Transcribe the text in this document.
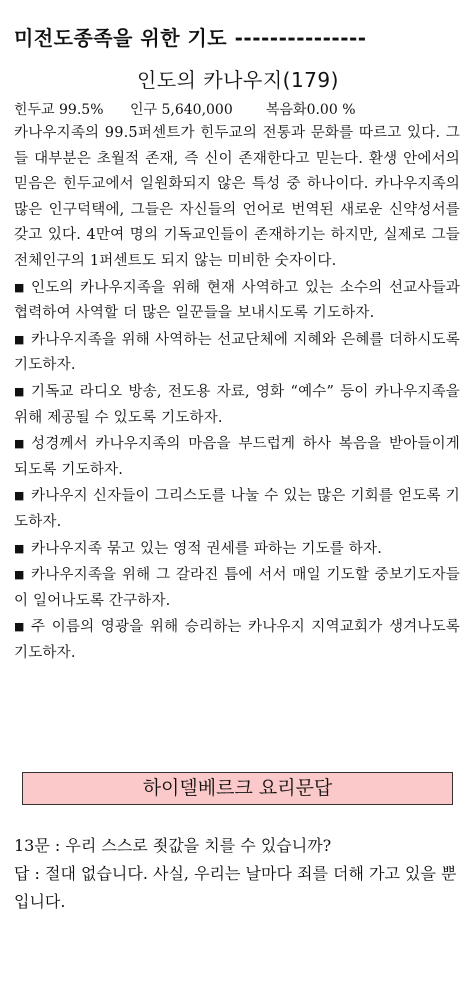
미전도종족을 위한 기도 ---------------
인도의 카나우지(179)
힌두교 99.5% 인구 5,640,000 복음화0.00 %

카나우지족의 99.5퍼센트가 힌두교의 전통과 문화를 따르고 있다. 그들 대부분은 초월적 존재, 즉 신이 존재한다고 믿는다. 환생 안에서의 믿음은 힌두교에서 일원화되지 않은 특성 중 하나이다. 카나우지족의 많은 인구덕택에, 그들은 자신들의 언어로 번역된 새로운 신약성서를 갖고 있다. 4만여 명의 기독교인들이 존재하기는 하지만, 실제로 그들 전체인구의 1퍼센트도 되지 않는 미비한 숫자이다.

■ 인도의 카나우지족을 위해 현재 사역하고 있는 소수의 선교사들과 협력하여 사역할 더 많은 일꾼들을 보내시도록 기도하자.

■ 카나우지족을 위해 사역하는 선교단체에 지혜와 은혜를 더하시도록 기도하자.

■ 기독교 라디오 방송, 전도용 자료, 영화 “예수” 등이 카나우지족을 위해 제공될 수 있도록 기도하자.

■ 성경께서 카나우지족의 마음을 부드럽게 하사 복음을 받아들이게 되도록 기도하자.

■ 카나우지 신자들이 그리스도를 나눌 수 있는 많은 기회를 얻도록 기도하자.

■ 카나우지족 묶고 있는 영적 권세를 파하는 기도를 하자.

■ 카나우지족을 위해 그 갈라진 틈에 서서 매일 기도할 중보기도자들이 일어나도록 간구하자.

■ 주 이름의 영광을 위해 승리하는 카나우지 지역교회가 생겨나도록 기도하자.

하이델베르크 요리문답

13문 : 우리 스스로 죗값을 치를 수 있습니까?

답 : 절대 없습니다. 사실, 우리는 날마다 죄를 더해 가고 있을 뿐입니다.
